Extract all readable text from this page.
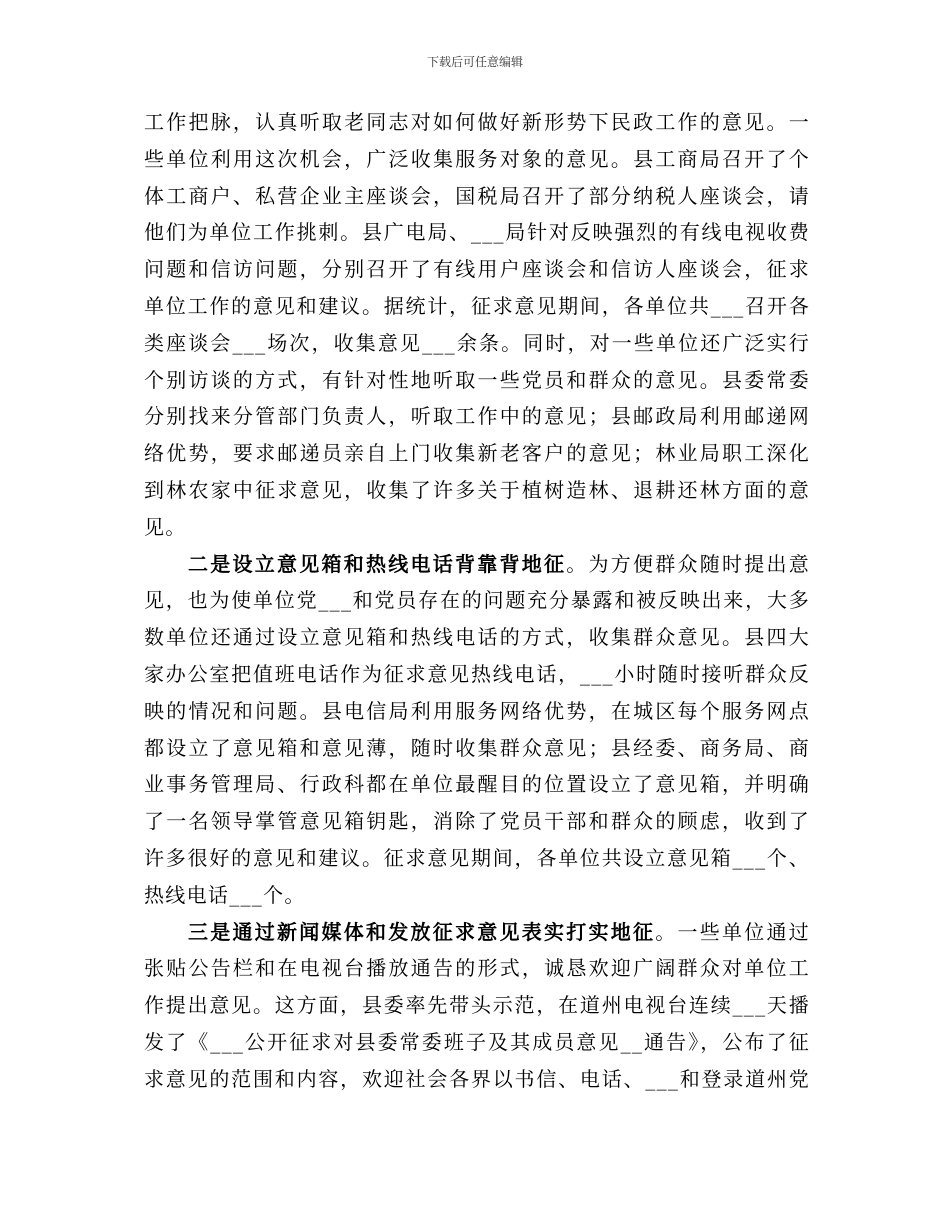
下载后可任意编辑
工作把脉，认真听取老同志对如何做好新形势下民政工作的意见。一
些单位利用这次机会，广泛收集服务对象的意见。县工商局召开了个
体工商户、私营企业主座谈会，国税局召开了部分纳税人座谈会，请
他们为单位工作挑刺。县广电局、___局针对反映强烈的有线电视收费
问题和信访问题，分别召开了有线用户座谈会和信访人座谈会，征求
单位工作的意见和建议。据统计，征求意见期间，各单位共___召开各
类座谈会___场次，收集意见___余条。同时，对一些单位还广泛实行
个别访谈的方式，有针对性地听取一些党员和群众的意见。县委常委
分别找来分管部门负责人，听取工作中的意见；县邮政局利用邮递网
络优势，要求邮递员亲自上门收集新老客户的意见；林业局职工深化
到林农家中征求意见，收集了许多关于植树造林、退耕还林方面的意
见。
二是设立意见箱和热线电话背靠背地征。为方便群众随时提出意
见，也为使单位党___和党员存在的问题充分暴露和被反映出来，大多
数单位还通过设立意见箱和热线电话的方式，收集群众意见。县四大
家办公室把值班电话作为征求意见热线电话，___小时随时接听群众反
映的情况和问题。县电信局利用服务网络优势，在城区每个服务网点
都设立了意见箱和意见薄，随时收集群众意见；县经委、商务局、商
业事务管理局、行政科都在单位最醒目的位置设立了意见箱，并明确
了一名领导掌管意见箱钥匙，消除了党员干部和群众的顾虑，收到了
许多很好的意见和建议。征求意见期间，各单位共设立意见箱___个、
热线电话___个。
三是通过新闻媒体和发放征求意见表实打实地征。一些单位通过
张贴公告栏和在电视台播放通告的形式，诚恳欢迎广阔群众对单位工
作提出意见。这方面，县委率先带头示范，在道州电视台连续___天播
发了《___公开征求对县委常委班子及其成员意见__通告》，公布了征
求意见的范围和内容，欢迎社会各界以书信、电话、___和登录道州党
